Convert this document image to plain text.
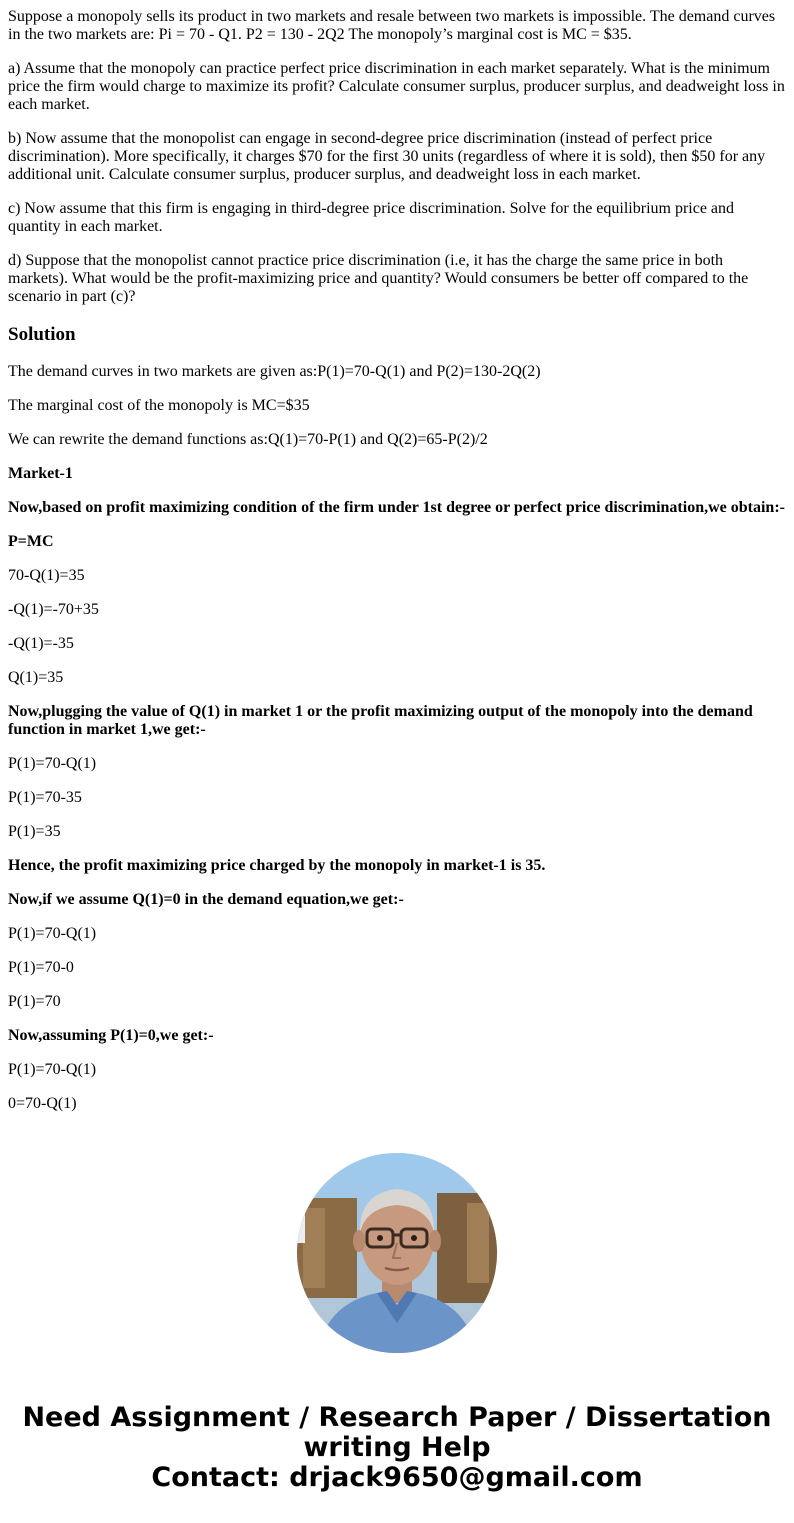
Suppose a monopoly sells its product in two markets and resale between two markets is impossible. The demand curves in the two markets are: Pi = 70 - Q1. P2 = 130 - 2Q2 The monopoly’s marginal cost is MC = $35.

a) Assume that the monopoly can practice perfect price discrimination in each market separately. What is the minimum price the firm would charge to maximize its profit? Calculate consumer surplus, producer surplus, and deadweight loss in each market.

b) Now assume that the monopolist can engage in second-degree price discrimination (instead of perfect price discrimination). More specifically, it charges $70 for the first 30 units (regardless of where it is sold), then $50 for any additional unit. Calculate consumer surplus, producer surplus, and deadweight loss in each market.

c) Now assume that this firm is engaging in third-degree price discrimination. Solve for the equilibrium price and quantity in each market.

d) Suppose that the monopolist cannot practice price discrimination (i.e, it has the charge the same price in both markets). What would be the profit-maximizing price and quantity? Would consumers be better off compared to the scenario in part (c)?

Solution

The demand curves in two markets are given as:P(1)=70-Q(1) and P(2)=130-2Q(2)

The marginal cost of the monopoly is MC=$35

We can rewrite the demand functions as:Q(1)=70-P(1) and Q(2)=65-P(2)/2

Market-1

Now,based on profit maximizing condition of the firm under 1st degree or perfect price discrimination,we obtain:-

P=MC

70-Q(1)=35

-Q(1)=-70+35

-Q(1)=-35

Q(1)=35

Now,plugging the value of Q(1) in market 1 or the profit maximizing output of the monopoly into the demand function in market 1,we get:-

P(1)=70-Q(1)

P(1)=70-35

P(1)=35

Hence, the profit maximizing price charged by the monopoly in market-1 is 35.

Now,if we assume Q(1)=0 in the demand equation,we get:-

P(1)=70-Q(1)

P(1)=70-0

P(1)=70

Now,assuming P(1)=0,we get:-

P(1)=70-Q(1)

0=70-Q(1)

Need Assignment / Research Paper / Dissertation
writing Help
Contact: drjack9650@gmail.com
